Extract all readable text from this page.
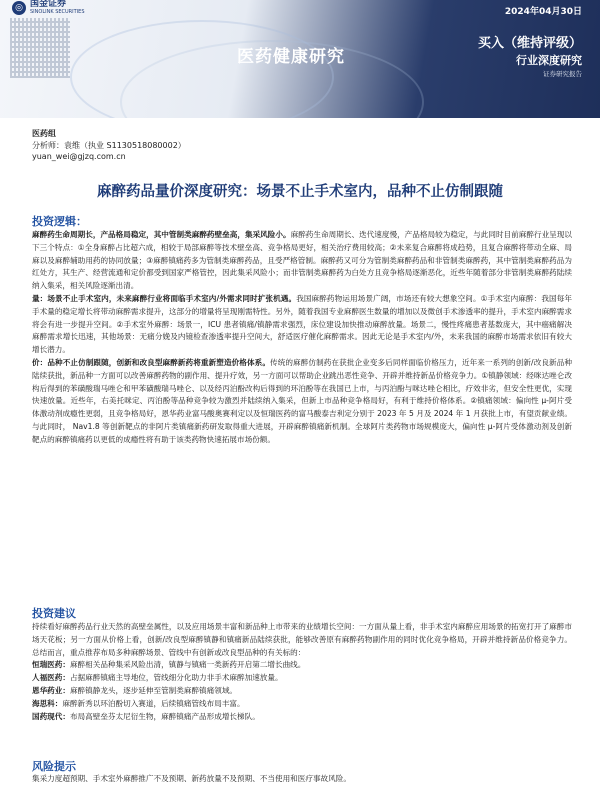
◎ 国金证券
SINOLINK SECURITIES	2024年04月30日
医药健康研究
买入（维持评级）
行业深度研究
证券研究报告
医药组
分析师：袁维（执业 S1130518080002）
yuan_wei@gjzq.com.cn
麻醉药品量价深度研究：场景不止手术室内，品种不止仿制跟随
投资逻辑：

麻醉药生命周期长，产品格局稳定，其中管制类麻醉药壁垒高，集采风险小。麻醉药生命周期长、迭代速度慢，产品格局较为稳定，与此同时目前麻醉行业呈现以下三个特点：①全身麻醉占比超六成，相较于局部麻醉等技术壁垒高、竞争格局更好，相关治疗费用较高；②未来复合麻醉将成趋势，且复合麻醉将带动全麻、局麻以及麻醉辅助用药的协同放量；③麻醉镇痛药多为管制类麻醉药品，且受严格管制。麻醉药又可分为管制类麻醉药品和非管制类麻醉药，其中管制类麻醉药品为红处方，其生产、经营流通和定价都受到国家严格管控，因此集采风险小；而非管制类麻醉药为白处方且竞争格局逐渐恶化，近些年随着部分非管制类麻醉药陆续纳入集采，相关风险逐渐出清。

量：场景不止手术室内，未来麻醉行业将面临手术室内/外需求同时扩张机遇。我国麻醉药物运用场景广阔，市场还有较大想象空间。①手术室内麻醉：我国每年手术量的稳定增长将带动麻醉需求提升，这部分的增量将呈现刚需特性。另外，随着我国专业麻醉医生数量的增加以及微创手术渗透率的提升，手术室内麻醉需求将会有进一步提升空间。②手术室外麻醉：场景一，ICU 患者镇痛/镇静需求强烈，床位建设加快推动麻醉放量。场景二，慢性疼痛患者基数庞大，其中癌痛解决麻醉需求增长迅速，其他场景：无痛分娩及内镜检查渗透率提升空间大，舒适医疗催化麻醉需求。因此无论是手术室内/外，未来我国的麻醉市场需求依旧有较大增长潜力。

价：品种不止仿制跟随，创新和改良型麻醉新药将重新塑造价格体系。传统的麻醉仿制药在获批企业变多后同样面临价格压力，近年来一系列的创新/改良新品种陆续获批，新品种一方面可以改善麻醉药物的副作用、提升疗效，另一方面可以帮助企业跳出恶性竞争、开辟并维持新品价格竞争力。①镇静领域：经咪达唑仑改构后得到的苯磺酸瑞马唑仑和甲苯磺酸瑞马唑仑、以及经丙泊酚改构后得到的环泊酚等在我国已上市，与丙泊酚与咪达唑仑相比，疗效非劣，但安全性更优，实现快速放量。近些年，右美托咪定、丙泊酚等品种竞争较为激烈并陆续纳入集采，但新上市品种竞争格局好，有利于维持价格体系。②镇痛领域：偏向性 μ-阿片受体激动剂成瘾性更弱，且竞争格局好，恩华药业富马酸奥赛利定以及恒瑞医药的富马酸泰吉利定分别于 2023 年 5 月及 2024 年 1 月获批上市，有望贡献业绩。与此同时， Nav1.8 等创新靶点的非阿片类镇痛新药研发取得重大进展，开辟麻醉镇痛新机制。全球阿片类药物市场规模庞大，偏向性 μ-阿片受体激动剂及创新靶点的麻醉镇痛药以更低的成瘾性将有助于该类药物快速拓展市场份额。

投资建议

持续看好麻醉药品行业天然的高壁垒属性，以及应用场景丰富和新品种上市带来的业绩增长空间：一方面从量上看，非手术室内麻醉应用场景的拓宽打开了麻醉市场天花板；另一方面从价格上看，创新/改良型麻醉镇静和镇痛新品陆续获批，能够改善原有麻醉药物副作用的同时优化竞争格局，开辟并维持新品价格竞争力。总结而言，重点推荐布局多种麻醉场景、管线中有创新或改良型品种的有关标的：

恒瑞医药：麻醉相关品种集采风险出清，镇静与镇痛一类新药开启第二增长曲线。

人福医药：占据麻醉镇痛主导地位，管线细分化助力非手术麻醉加速放量。

恩华药业：麻醉镇静龙头，逐步延伸至管制类麻醉镇痛领域。

海思科：麻醉新秀以环泊酚切入赛道，后续镇痛管线布局丰富。

国药现代：布局高壁垒芬太尼衍生物，麻醉镇痛产品形成增长梯队。

风险提示

集采力度超预期、手术室外麻醉推广不及预期、新药放量不及预期、不当使用和医疗事故风险。
